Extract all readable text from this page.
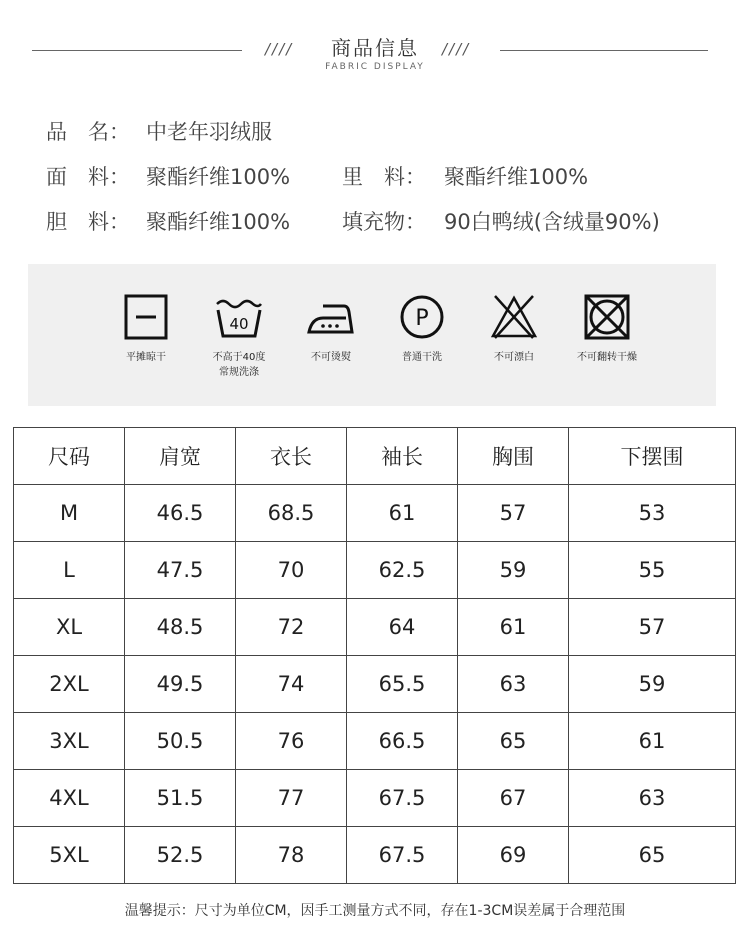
////	商品信息	////
FABRIC DISPLAY
品　名： 中老年羽绒服
面　料： 聚酯纤维100% 里　料： 聚酯纤维100%
胆　料： 聚酯纤维100% 填充物： 90白鸭绒(含绒量90%)
平摊晾干
40
不高于40度
常规洗涤
不可烫熨
P
普通干洗	不可漂白	不可翻转干燥
尺码	肩宽	衣长	袖长	胸围	下摆围
M	46.5	68.5	61	57	53
L	47.5	70	62.5	59	55
XL	48.5	72	64	61	57
2XL	49.5	74	65.5	63	59
3XL	50.5	76	66.5	65	61
4XL	51.5	77	67.5	67	63
5XL	52.5	78	67.5	69	65
温馨提示：尺寸为单位CM，因手工测量方式不同，存在1-3CM误差属于合理范围
